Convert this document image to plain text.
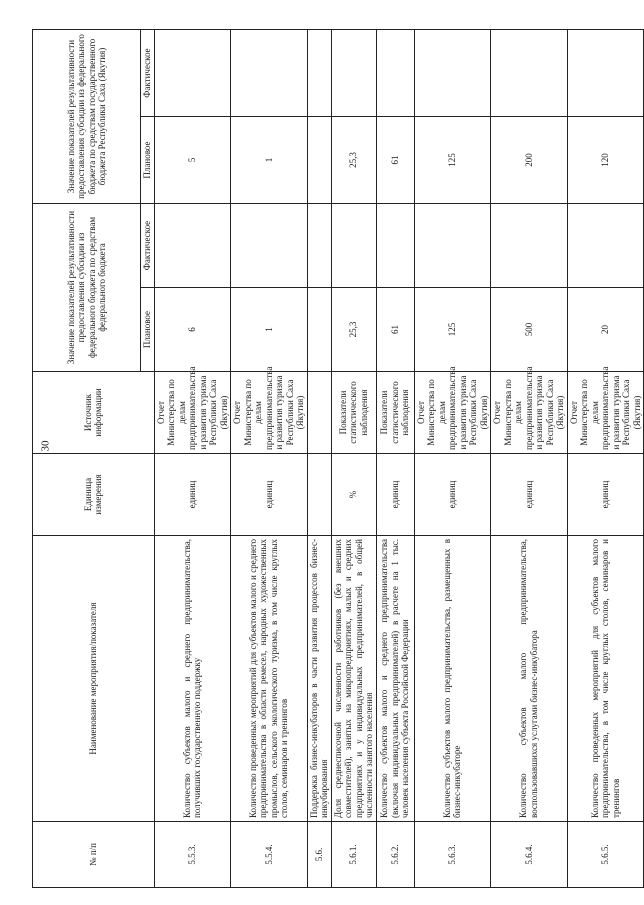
30
№ п/п	Наименование мероприятия/показателя	Единица измерения	Источник информации	Значение показателей результативности предоставления субсидии из федерального бюджета по средствам федерального бюджета		Значение показателей результативности предоставления субсидии из федерального бюджета по средствам государственного бюджета Республики Саха (Якутия)	
				Плановое	Фактическое	Плановое	Фактическое
5.5.3.	Количество субъектов малого и среднего предпринимательства, получивших государственную поддержку	единиц	Отчет Министерства по делам предпринимательства и развития туризма Республики Саха (Якутия)	6		5	
5.5.4.	Количество проведенных мероприятий для субъектов малого и среднего предпринимательства в области ремесел, народных художественных промыслов, сельского экологического туризма, в том числе круглых столов, семинаров и тренингов	единиц	Отчет Министерства по делам предпринимательства и развития туризма Республики Саха (Якутия)	1		1	
5.6.	Поддержка бизнес-инкубаторов в части развития процессов бизнес-инкубирования						
5.6.1.	Доля среднесписочной численности работников (без внешних совместителей), занятых на микропредприятиях, малых и средних предприятиях и у индивидуальных предпринимателей, в общей численности занятого населения	%	Показатели статистического наблюдения	25,3		25,3	
5.6.2.	Количество субъектов малого и среднего предпринимательства (включая индивидуальных предпринимателей) в расчете на 1 тыс. человек населения субъекта Российской Федерации	единиц	Показатели статистического наблюдения	61		61	
5.6.3.	Количество субъектов малого предпринимательства, размещенных в бизнес-инкубаторе	единиц	Отчет Министерства по делам предпринимательства и развития туризма Республики Саха (Якутия)	125		125	
5.6.4.	Количество субъектов малого предпринимательства, воспользовавшихся услугами бизнес-инкубатора	единиц	Отчет Министерства по делам предпринимательства и развития туризма Республики Саха (Якутия)	500		200	
5.6.5.	Количество проведенных мероприятий для субъектов малого предпринимательства, в том числе круглых столов, семинаров и тренингов	единиц	Отчет Министерства по делам предпринимательства и развития туризма Республики Саха (Якутия)	20		120	
